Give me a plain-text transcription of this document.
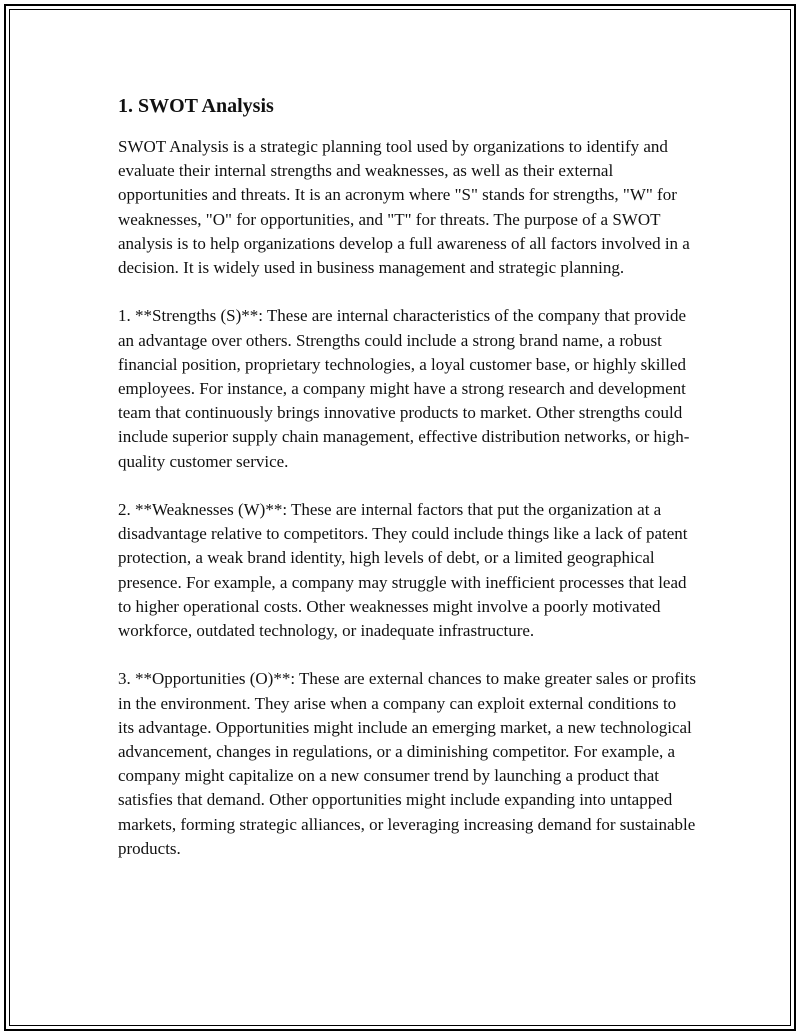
1. SWOT Analysis

SWOT Analysis is a strategic planning tool used by organizations to identify and evaluate their internal strengths and weaknesses, as well as their external opportunities and threats. It is an acronym where "S" stands for strengths, "W" for weaknesses, "O" for opportunities, and "T" for threats. The purpose of a SWOT analysis is to help organizations develop a full awareness of all factors involved in a decision. It is widely used in business management and strategic planning.

1. **Strengths (S)**: These are internal characteristics of the company that provide an advantage over others. Strengths could include a strong brand name, a robust financial position, proprietary technologies, a loyal customer base, or highly skilled employees. For instance, a company might have a strong research and development team that continuously brings innovative products to market. Other strengths could include superior supply chain management, effective distribution networks, or high-quality customer service.

2. **Weaknesses (W)**: These are internal factors that put the organization at a disadvantage relative to competitors. They could include things like a lack of patent protection, a weak brand identity, high levels of debt, or a limited geographical presence. For example, a company may struggle with inefficient processes that lead to higher operational costs. Other weaknesses might involve a poorly motivated workforce, outdated technology, or inadequate infrastructure.

3. **Opportunities (O)**: These are external chances to make greater sales or profits in the environment. They arise when a company can exploit external conditions to its advantage. Opportunities might include an emerging market, a new technological advancement, changes in regulations, or a diminishing competitor. For example, a company might capitalize on a new consumer trend by launching a product that satisfies that demand. Other opportunities might include expanding into untapped markets, forming strategic alliances, or leveraging increasing demand for sustainable products.
